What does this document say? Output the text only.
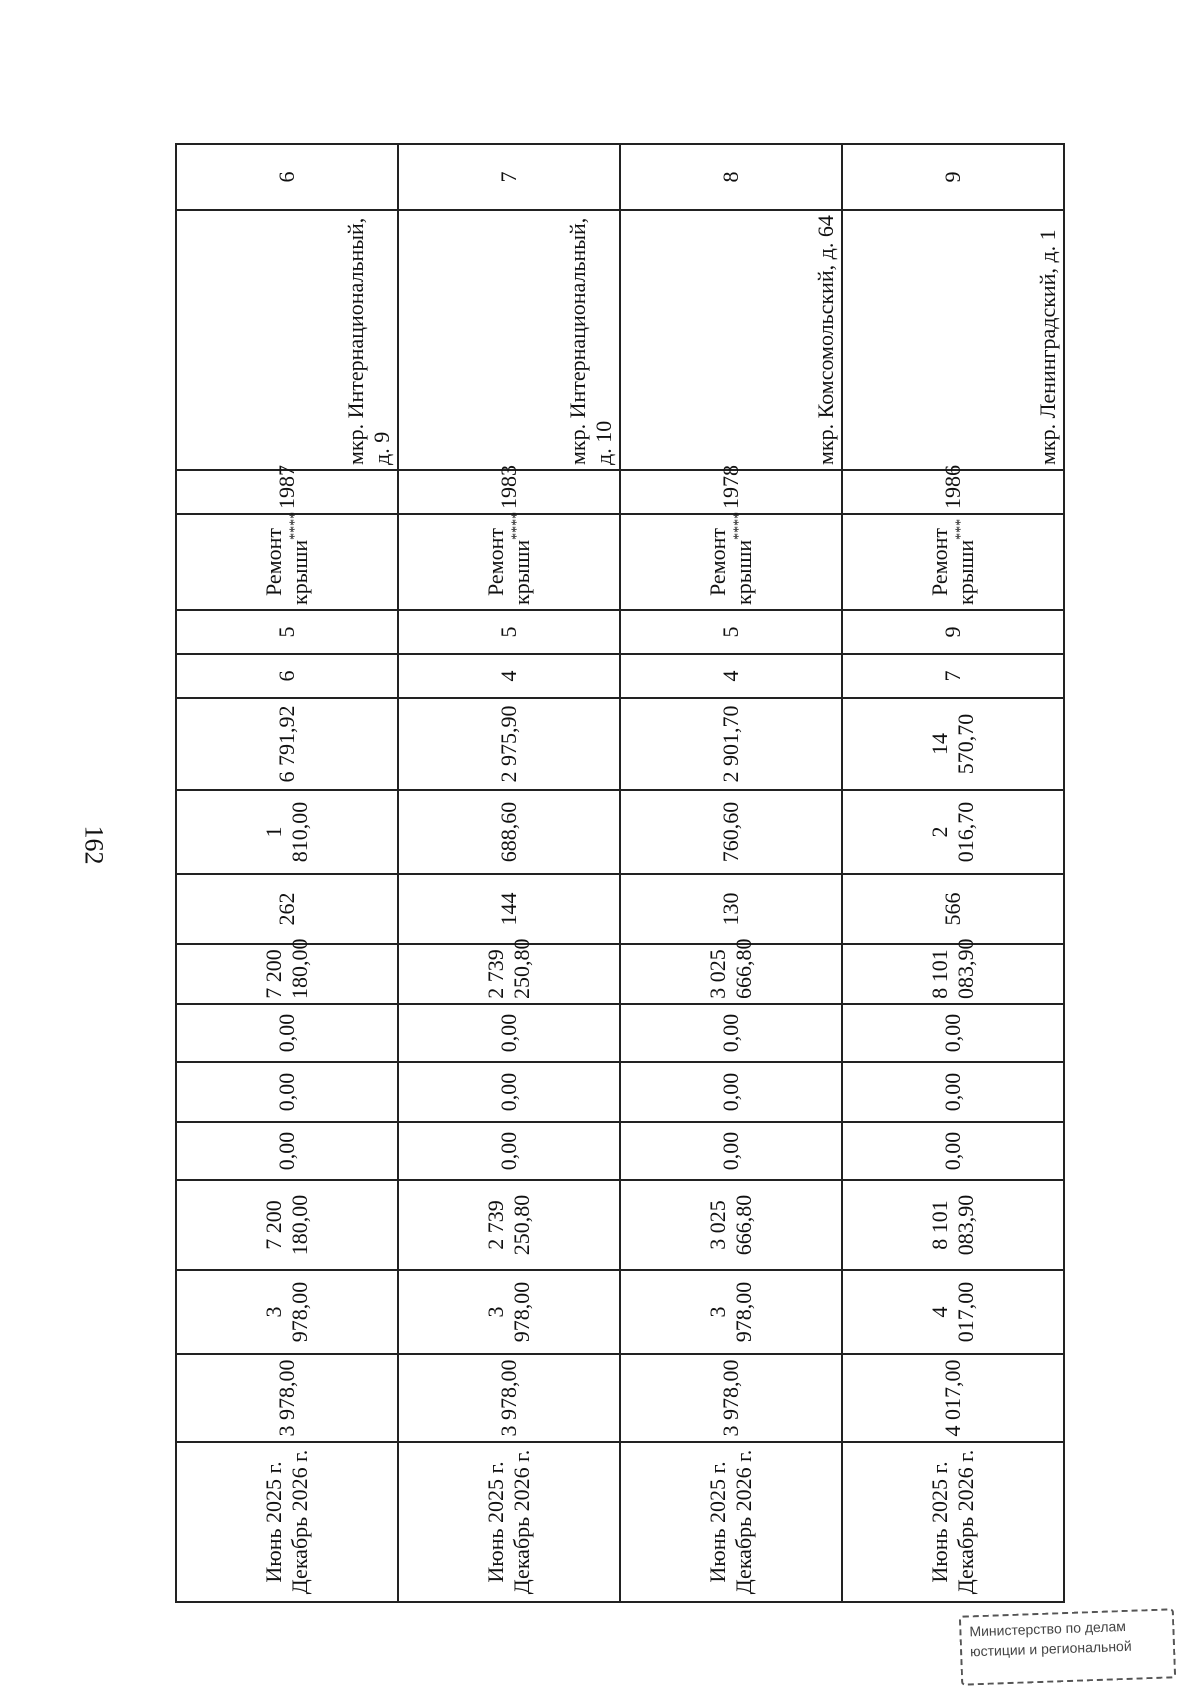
162
9	мкр. Ленинградский, д. 1	1986	Ремонт крыши***	9	7	14 570,70	2 016,70	566	8 101 083,90	0,00	0,00	0,00	8 101 083,90	4 017,00	4 017,00	Июнь 2025 г. Декабрь 2026 г.

8	мкр. Комсомольский, д. 64	1978	Ремонт крыши****	5	4	2 901,70	760,60	130	3 025 666,80	0,00	0,00	0,00	3 025 666,80	3 978,00	3 978,00	Июнь 2025 г. Декабрь 2026 г.

7	мкр. Интернациональный, д. 10	1983	Ремонт крыши****	5	4	2 975,90	688,60	144	2 739 250,80	0,00	0,00	0,00	2 739 250,80	3 978,00	3 978,00	Июнь 2025 г. Декабрь 2026 г.

6	мкр. Интернациональный, д. 9	1987	Ремонт крыши****	5	6	6 791,92	1 810,00	262	7 200 180,00	0,00	0,00	0,00	7 200 180,00	3 978,00	3 978,00	Июнь 2025 г. Декабрь 2026 г.
Министерство по делам
юстиции и региональной
